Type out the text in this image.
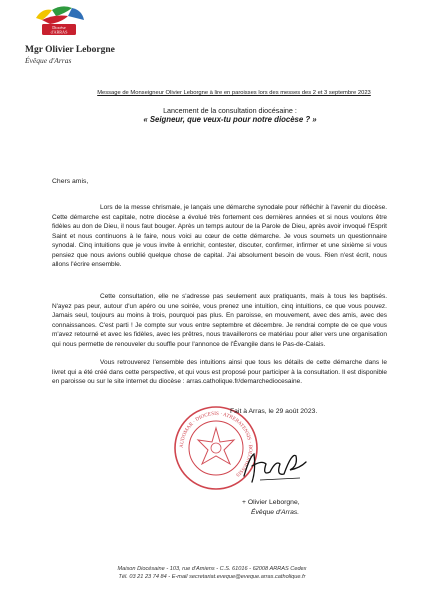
Diocèse
d'ARRAS
Mgr Olivier Leborgne
Évêque d'Arras
Message de Monseigneur Olivier Leborgne à lire en paroisses lors des messes des 2 et 3 septembre 2023
Lancement de la consultation diocésaine :
« Seigneur, que veux-tu pour notre diocèse ? »
Chers amis,

Lors de la messe chrismale, je lançais une démarche synodale pour réfléchir à l'avenir du diocèse. Cette démarche est capitale, notre diocèse a évolué très fortement ces dernières années et si nous voulons être fidèles au don de Dieu, il nous faut bouger. Après un temps autour de la Parole de Dieu, après avoir invoqué l'Esprit Saint et nous continuons à le faire, nous voici au cœur de cette démarche. Je vous soumets un questionnaire synodal. Cinq intuitions que je vous invite à enrichir, contester, discuter, confirmer, infirmer et une sixième si vous pensiez que nous avions oublié quelque chose de capital. J'ai absolument besoin de vous. Rien n'est écrit, nous allons l'écrire ensemble.

Cette consultation, elle ne s'adresse pas seulement aux pratiquants, mais à tous les baptisés. N'ayez pas peur, autour d'un apéro ou une soirée, vous prenez une intuition, cinq intuitions, ce que vous pouvez. Jamais seul, toujours au moins à trois, pourquoi pas plus. En paroisse, en mouvement, avec des amis, avec des connaissances. C'est parti ! Je compte sur vous entre septembre et décembre. Je rendrai compte de ce que vous m'avez retourné et avec les fidèles, avec les prêtres, nous travaillerons ce matériau pour aller vers une organisation qui nous permette de renouveler du souffle pour l'annonce de l'Évangile dans le Pas-de-Calais.

Vous retrouverez l'ensemble des intuitions ainsi que tous les détails de cette démarche dans le livret qui a été créé dans cette perspective, et qui vous est proposé pour participer à la consultation. Il est disponible en paroisse ou sur le site internet du diocèse : arras.catholique.fr/demarchediocesaine.

AUDOMAR · DIOCESIS · ATREBATENSIS · BOLONIENSIS
Fait à Arras, le 29 août 2023.
+ Olivier Leborgne,
Évêque d'Arras.
Maison Diocésaine - 103, rue d'Amiens - C.S. 61016 - 62008 ARRAS Cedex
Tél. 03 21 23 74 84 - E-mail secretariat.eveque@eveque.arras.catholique.fr
